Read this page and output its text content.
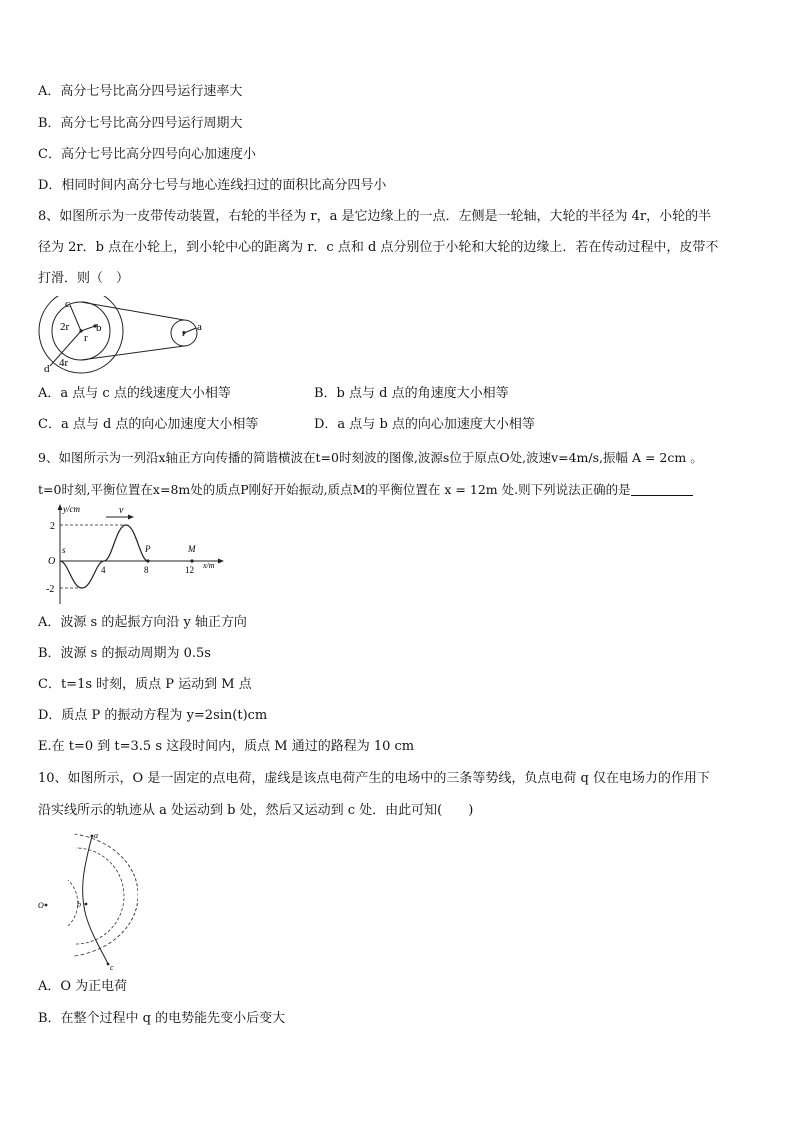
A．高分七号比高分四号运行速率大
B．高分七号比高分四号运行周期大
C．高分七号比高分四号向心加速度小
D．相同时间内高分七号与地心连线扫过的面积比高分四号小
8、如图所示为一皮带传动装置，右轮的半径为 r，a 是它边缘上的一点．左侧是一轮轴，大轮的半径为 4r，小轮的半
径为 2r．b 点在小轮上，到小轮中心的距离为 r．c 点和 d 点分别位于小轮和大轮的边缘上．若在传动过程中，皮带不
打滑．则（　）
c
2r b
r
4r
d
r
a
A．a 点与 c 点的线速度大小相等	B．b 点与 d 点的角速度大小相等
C．a 点与 d 点的向心加速度大小相等	D．a 点与 b 点的向心加速度大小相等
9、如图所示为一列沿x轴正方向传播的简谐横波在t=0时刻波的图像,波源s位于原点O处,波速v=4m/s,振幅 A = 2cm 。
t=0时刻,平衡位置在x=8m处的质点P刚好开始振动,质点M的平衡位置在 x = 12m 处.则下列说法正确的是
y/cm	v
2
-2
s
O
4	8	12
P	M
x/m
A．波源 s 的起振方向沿 y 轴正方向
B．波源 s 的振动周期为 0.5s
C．t=1s 时刻，质点 P 运动到 M 点
D．质点 P 的振动方程为 y=2sin(t)cm
E.在 t=0 到 t=3.5 s 这段时间内，质点 M 通过的路程为 10 cm
10、如图所示，O 是一固定的点电荷，虚线是该点电荷产生的电场中的三条等势线，负点电荷 q 仅在电场力的作用下
沿实线所示的轨迹从 a 处运动到 b 处，然后又运动到 c 处．由此可知(　　)
a
b
c
O
A．O 为正电荷
B．在整个过程中 q 的电势能先变小后变大
